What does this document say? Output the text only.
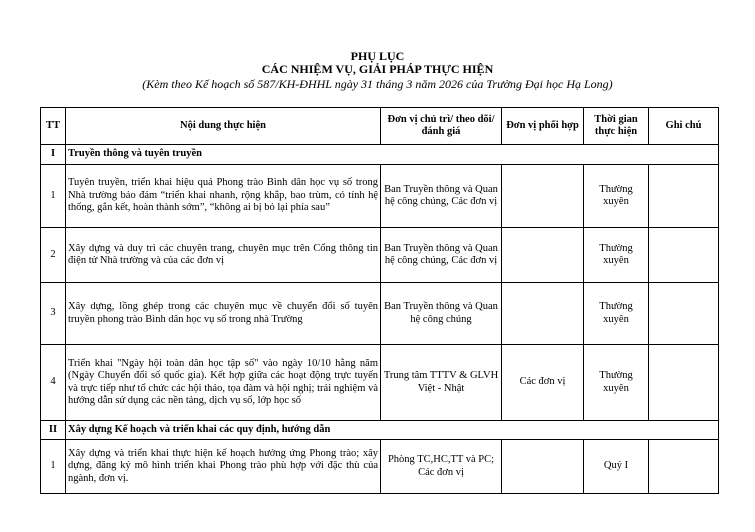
PHỤ LỤC
CÁC NHIỆM VỤ, GIẢI PHÁP THỰC HIỆN
(Kèm theo Kế hoạch số 587/KH-ĐHHL ngày 31 tháng 3 năm 2026 của Trường Đại học Hạ Long)
TT	Nội dung thực hiện	Đơn vị chủ trì/ theo dõi/ đánh giá	Đơn vị phối hợp	Thời gian thực hiện	Ghi chú
I	Truyền thông và tuyên truyền				
1	Tuyên truyền, triển khai hiệu quả Phong trào Bình dân học vụ số trong Nhà trường bảo đảm “triển khai nhanh, rộng khắp, bao trùm, có tính hệ thống, gắn kết, hoàn thành sớm”, “không ai bị bỏ lại phía sau”	Ban Truyền thông và Quan hệ công chúng, Các đơn vị		Thường xuyên	
2	Xây dựng và duy trì các chuyên trang, chuyên mục trên Cổng thông tin điện tử Nhà trường và của các đơn vị	Ban Truyền thông và Quan hệ công chúng, Các đơn vị		Thường xuyên	
3	Xây dựng, lồng ghép trong các chuyên mục về chuyển đổi số tuyên truyền phong trào Bình dân học vụ số trong nhà Trường	Ban Truyền thông và Quan hệ công chúng		Thường xuyên	
4	Triển khai "Ngày hội toàn dân học tập số" vào ngày 10/10 hằng năm (Ngày Chuyển đổi số quốc gia). Kết hợp giữa các hoạt động trực tuyến và trực tiếp như tổ chức các hội thảo, tọa đàm và hội nghị; trải nghiệm và hướng dẫn sử dụng các nền tảng, dịch vụ số, lớp học số	Trung tâm TTTV & GLVH Việt - Nhật	Các đơn vị	Thường xuyên	
II	Xây dựng Kế hoạch và triển khai các quy định, hướng dẫn				
1	Xây dựng và triển khai thực hiện kế hoạch hưởng ứng Phong trào; xây dựng, đăng ký mô hình triển khai Phong trào phù hợp với đặc thù của ngành, đơn vị.	Phòng TC,HC,TT và PC; Các đơn vị		Quý I	
